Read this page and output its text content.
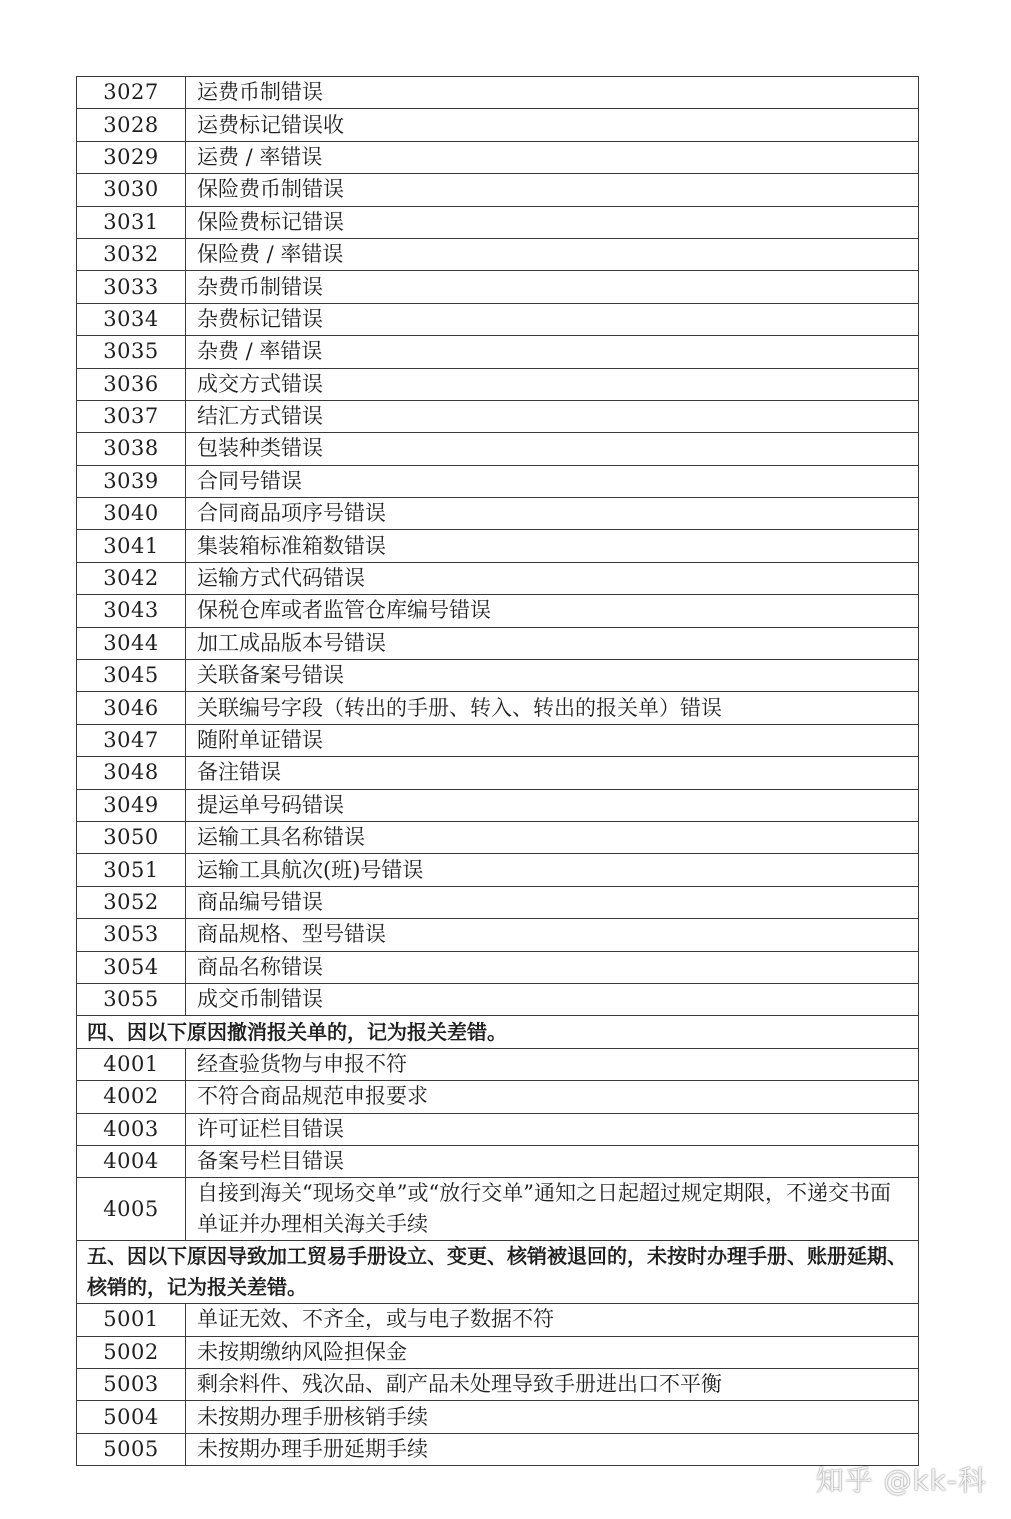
3027	运费币制错误
3028	运费标记错误收
3029	运费 / 率错误
3030	保险费币制错误
3031	保险费标记错误
3032	保险费 / 率错误
3033	杂费币制错误
3034	杂费标记错误
3035	杂费 / 率错误
3036	成交方式错误
3037	结汇方式错误
3038	包装种类错误
3039	合同号错误
3040	合同商品项序号错误
3041	集装箱标准箱数错误
3042	运输方式代码错误
3043	保税仓库或者监管仓库编号错误
3044	加工成品版本号错误
3045	关联备案号错误
3046	关联编号字段（转出的手册、转入、转出的报关单）错误
3047	随附单证错误
3048	备注错误
3049	提运单号码错误
3050	运输工具名称错误
3051	运输工具航次(班)号错误
3052	商品编号错误
3053	商品规格、型号错误
3054	商品名称错误
3055	成交币制错误
四、因以下原因撤消报关单的，记为报关差错。	
4001	经查验货物与申报不符
4002	不符合商品规范申报要求
4003	许可证栏目错误
4004	备案号栏目错误
4005	自接到海关“现场交单”或“放行交单”通知之日起超过规定期限，不递交书面单证并办理相关海关手续
五、因以下原因导致加工贸易手册设立、变更、核销被退回的，未按时办理手册、账册延期、核销的，记为报关差错。	
5001	单证无效、不齐全，或与电子数据不符
5002	未按期缴纳风险担保金
5003	剩余料件、残次品、副产品未处理导致手册进出口不平衡
5004	未按期办理手册核销手续
5005	未按期办理手册延期手续
知乎 @kk-科
